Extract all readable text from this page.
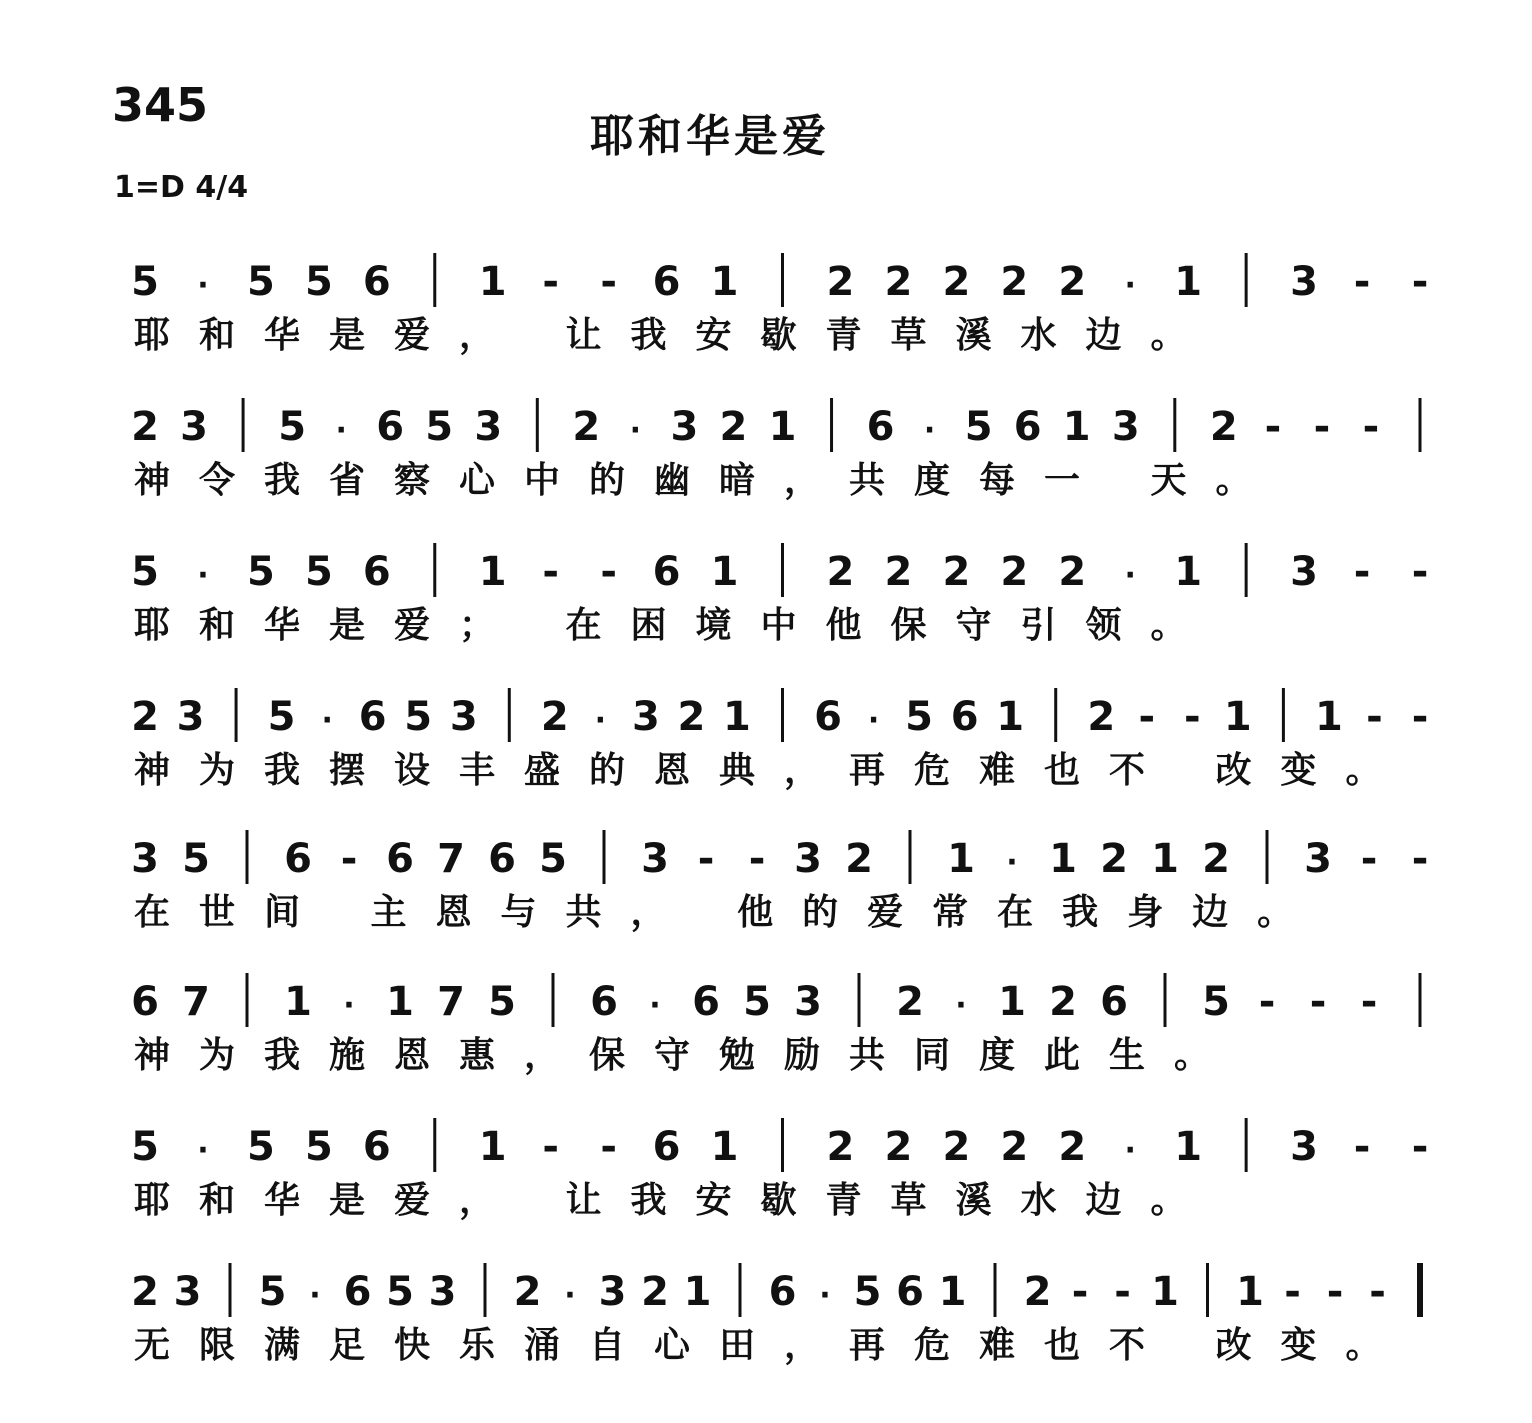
345
耶和华是爱
1=D 4/4
5 · 5 5 6 1 - - 6 1 2 2 2 2 2 · 1 3 - -
耶和华是爱， 让我安歇青草溪水边。
2 3 5 · 6 5 3 2 · 3 2 1 6 · 5 6 1 3 2 - - -
神令我省察心中的幽暗，共度每一 天。
5 · 5 5 6 1 - - 6 1 2 2 2 2 2 · 1 3 - -
耶和华是爱； 在困境中他保守引领。
2 3 5 · 6 5 3 2 · 3 2 1 6 · 5 6 1 2 - - 1 1 - -
神为我摆设丰盛的恩典，再危难也不 改变。
3 5 6 - 6 7 6 5 3 - - 3 2 1 · 1 2 1 2 3 - -
在世间 主恩与共， 他的爱常在我身边。
6 7 1 · 1 7 5 6 · 6 5 3 2 · 1 2 6 5 - - -
神为我施恩惠，保守勉励共同度此生。
5 · 5 5 6 1 - - 6 1 2 2 2 2 2 · 1 3 - -
耶和华是爱， 让我安歇青草溪水边。
2 3 5 · 6 5 3 2 · 3 2 1 6 · 5 6 1 2 - - 1 1 - - -
无限满足快乐涌自心田，再危难也不 改变。
